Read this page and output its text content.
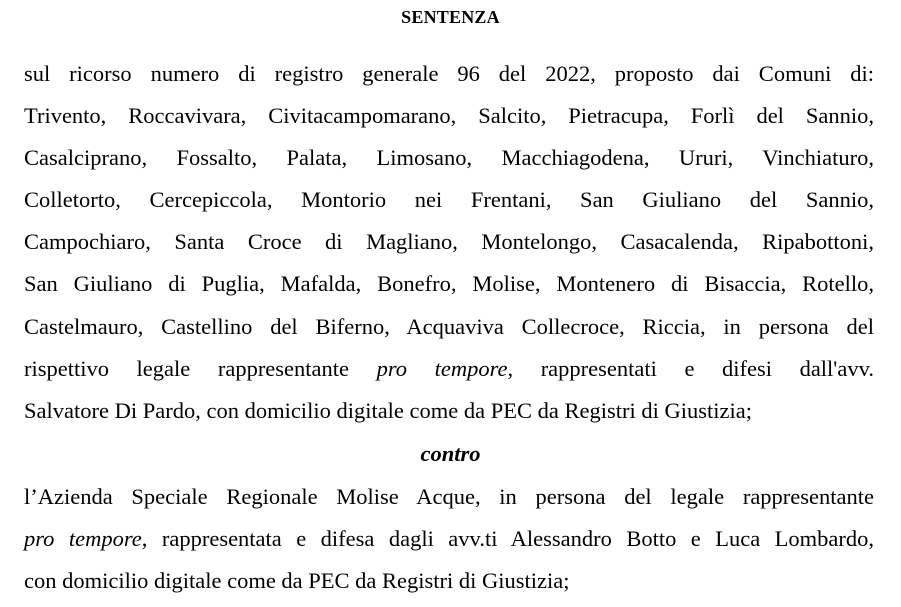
SENTENZA
sul ricorso numero di registro generale 96 del 2022, proposto dai Comuni di:
Trivento, Roccavivara, Civitacampomarano, Salcito, Pietracupa, Forlì del Sannio,
Casalciprano, Fossalto, Palata, Limosano, Macchiagodena, Ururi, Vinchiaturo,
Colletorto, Cercepiccola, Montorio nei Frentani, San Giuliano del Sannio,
Campochiaro, Santa Croce di Magliano, Montelongo, Casacalenda, Ripabottoni,
San Giuliano di Puglia, Mafalda, Bonefro, Molise, Montenero di Bisaccia, Rotello,
Castelmauro, Castellino del Biferno, Acquaviva Collecroce, Riccia, in persona del
rispettivo legale rappresentante pro tempore, rappresentati e difesi dall'avv.
Salvatore Di Pardo, con domicilio digitale come da PEC da Registri di Giustizia;
contro
l’Azienda Speciale Regionale Molise Acque, in persona del legale rappresentante
pro tempore, rappresentata e difesa dagli avv.ti Alessandro Botto e Luca Lombardo,
con domicilio digitale come da PEC da Registri di Giustizia;
